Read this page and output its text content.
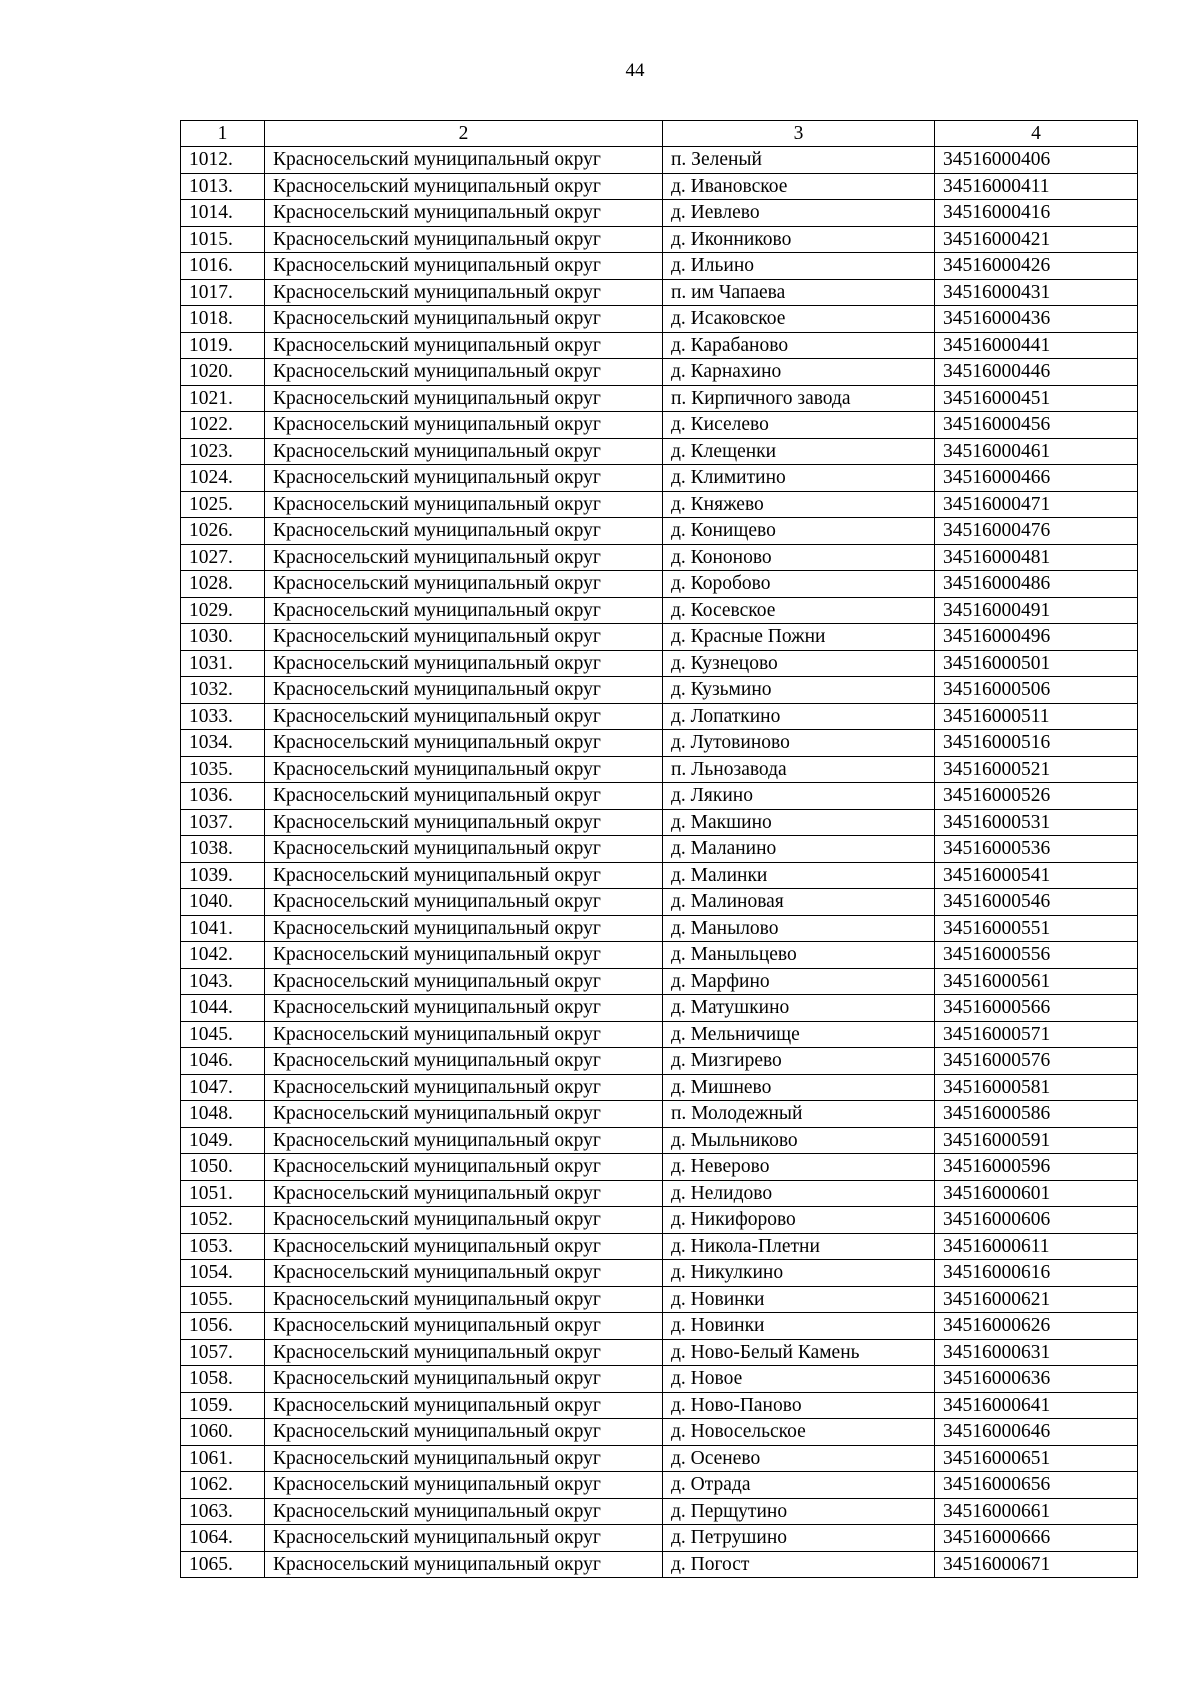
44
1	2	3	4
1012.	Красносельский муниципальный округ	п. Зеленый	34516000406
1013.	Красносельский муниципальный округ	д. Ивановское	34516000411
1014.	Красносельский муниципальный округ	д. Иевлево	34516000416
1015.	Красносельский муниципальный округ	д. Иконниково	34516000421
1016.	Красносельский муниципальный округ	д. Ильино	34516000426
1017.	Красносельский муниципальный округ	п. им Чапаева	34516000431
1018.	Красносельский муниципальный округ	д. Исаковское	34516000436
1019.	Красносельский муниципальный округ	д. Карабаново	34516000441
1020.	Красносельский муниципальный округ	д. Карнахино	34516000446
1021.	Красносельский муниципальный округ	п. Кирпичного завода	34516000451
1022.	Красносельский муниципальный округ	д. Киселево	34516000456
1023.	Красносельский муниципальный округ	д. Клещенки	34516000461
1024.	Красносельский муниципальный округ	д. Климитино	34516000466
1025.	Красносельский муниципальный округ	д. Княжево	34516000471
1026.	Красносельский муниципальный округ	д. Конищево	34516000476
1027.	Красносельский муниципальный округ	д. Кононово	34516000481
1028.	Красносельский муниципальный округ	д. Коробово	34516000486
1029.	Красносельский муниципальный округ	д. Косевское	34516000491
1030.	Красносельский муниципальный округ	д. Красные Пожни	34516000496
1031.	Красносельский муниципальный округ	д. Кузнецово	34516000501
1032.	Красносельский муниципальный округ	д. Кузьмино	34516000506
1033.	Красносельский муниципальный округ	д. Лопаткино	34516000511
1034.	Красносельский муниципальный округ	д. Лутовиново	34516000516
1035.	Красносельский муниципальный округ	п. Льнозавода	34516000521
1036.	Красносельский муниципальный округ	д. Лякино	34516000526
1037.	Красносельский муниципальный округ	д. Макшино	34516000531
1038.	Красносельский муниципальный округ	д. Маланино	34516000536
1039.	Красносельский муниципальный округ	д. Малинки	34516000541
1040.	Красносельский муниципальный округ	д. Малиновая	34516000546
1041.	Красносельский муниципальный округ	д. Манылово	34516000551
1042.	Красносельский муниципальный округ	д. Маныльцево	34516000556
1043.	Красносельский муниципальный округ	д. Марфино	34516000561
1044.	Красносельский муниципальный округ	д. Матушкино	34516000566
1045.	Красносельский муниципальный округ	д. Мельничище	34516000571
1046.	Красносельский муниципальный округ	д. Мизгирево	34516000576
1047.	Красносельский муниципальный округ	д. Мишнево	34516000581
1048.	Красносельский муниципальный округ	п. Молодежный	34516000586
1049.	Красносельский муниципальный округ	д. Мыльниково	34516000591
1050.	Красносельский муниципальный округ	д. Неверово	34516000596
1051.	Красносельский муниципальный округ	д. Нелидово	34516000601
1052.	Красносельский муниципальный округ	д. Никифорово	34516000606
1053.	Красносельский муниципальный округ	д. Никола-Плетни	34516000611
1054.	Красносельский муниципальный округ	д. Никулкино	34516000616
1055.	Красносельский муниципальный округ	д. Новинки	34516000621
1056.	Красносельский муниципальный округ	д. Новинки	34516000626
1057.	Красносельский муниципальный округ	д. Ново-Белый Камень	34516000631
1058.	Красносельский муниципальный округ	д. Новое	34516000636
1059.	Красносельский муниципальный округ	д. Ново-Паново	34516000641
1060.	Красносельский муниципальный округ	д. Новосельское	34516000646
1061.	Красносельский муниципальный округ	д. Осенево	34516000651
1062.	Красносельский муниципальный округ	д. Отрада	34516000656
1063.	Красносельский муниципальный округ	д. Перщутино	34516000661
1064.	Красносельский муниципальный округ	д. Петрушино	34516000666
1065.	Красносельский муниципальный округ	д. Погост	34516000671
